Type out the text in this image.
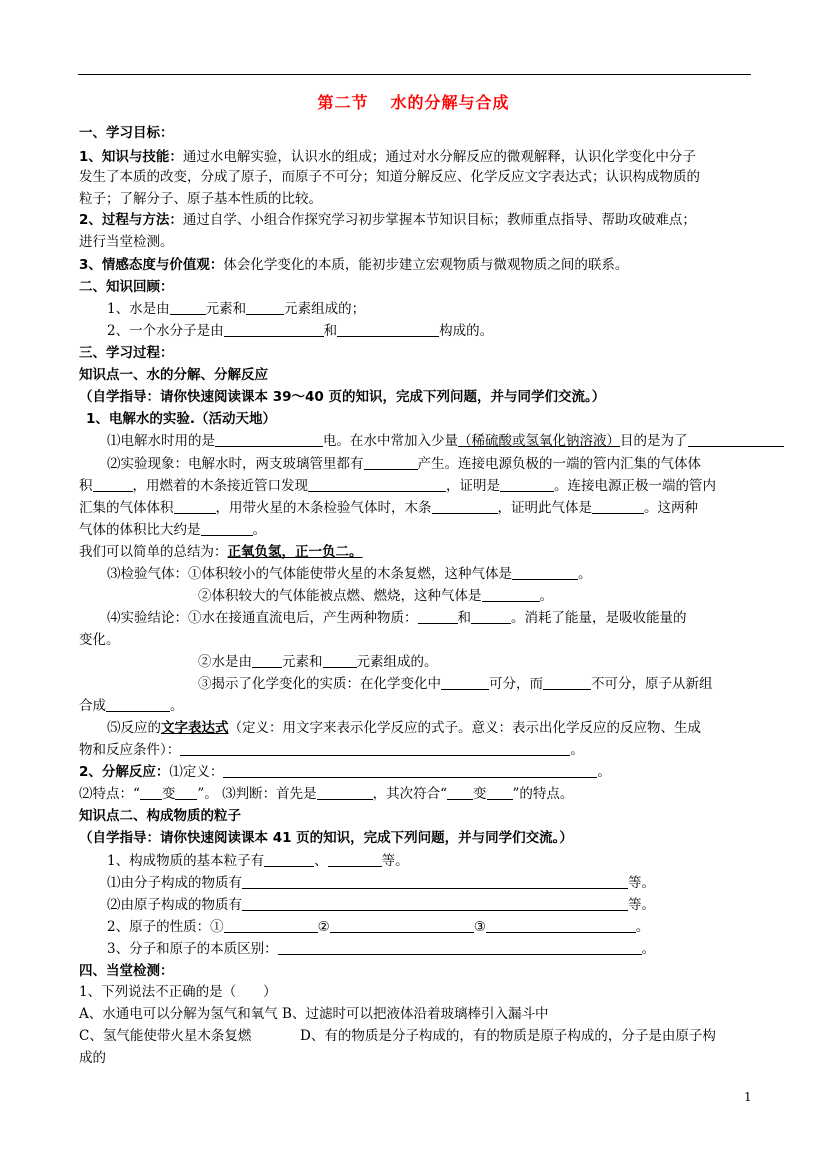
第二节 水的分解与合成
一、学习目标：
1、知识与技能：通过水电解实验，认识水的组成；通过对水分解反应的微观解释，认识化学变化中分子
发生了本质的改变，分成了原子，而原子不可分；知道分解反应、化学反应文字表达式；认识构成物质的
粒子；了解分子、原子基本性质的比较。
2、过程与方法：通过自学、小组合作探究学习初步掌握本节知识目标；教师重点指导、帮助攻破难点；
进行当堂检测。
3、情感态度与价值观：体会化学变化的本质，能初步建立宏观物质与微观物质之间的联系。
二、知识回顾：
1、水是由	元素和	元素组成的；
2、一个水分子是由	和	构成的。
三、学习过程：
知识点一、水的分解、分解反应
（自学指导：请你快速阅读课本 39～40 页的知识，完成下列问题，并与同学们交流。）
1、电解水的实验.（活动天地）
⑴电解水时用的是	电。在水中常加入少量（稀硫酸或氢氧化钠溶液）目的是为了
⑵实验现象：电解水时，两支玻璃管里都有	产生。连接电源负极的一端的管内汇集的气体体
积	，用燃着的木条接近管口发现	，证明是	。连接电源正极一端的管内
汇集的气体体积	，用带火星的木条检验气体时，木条	，证明此气体是	。这两种
气体的体积比大约是	。
我们可以简单的总结为：正氧负氢，正一负二。
⑶检验气体：①体积较小的气体能使带火星的木条复燃，这种气体是	。
②体积较大的气体能被点燃、燃烧，这种气体是	。
⑷实验结论：①水在接通直流电后，产生两种物质：	和	。消耗了能量，是吸收能量的
变化。
②水是由 元素和	元素组成的。
③揭示了化学变化的实质：在化学变化中	可分，而	不可分，原子从新组
合成	。
⑸反应的文字表达式（定义：用文字来表示化学反应的式子。意义：表示出化学反应的反应物、生成
物和反应条件）：	。
2、分解反应：⑴定义：	。
⑵特点：“ 变 ”。 ⑶判断：首先是	，其次符合“ 变 ”的特点。
知识点二、构成物质的粒子
（自学指导：请你快速阅读课本 41 页的知识，完成下列问题，并与同学们交流。）
1、构成物质的基本粒子有	、	等。
⑴由分子构成的物质有	等。
⑵由原子构成的物质有	等。
2、原子的性质：①	②	③	。
3、分子和原子的本质区别：	。
四、当堂检测：
1、下列说法不正确的是（　　）
A、水通电可以分解为氢气和氧气 B、过滤时可以把液体沿着玻璃棒引入漏斗中
C、氢气能使带火星木条复燃	D、有的物质是分子构成的，有的物质是原子构成的，分子是由原子构
成的
1
